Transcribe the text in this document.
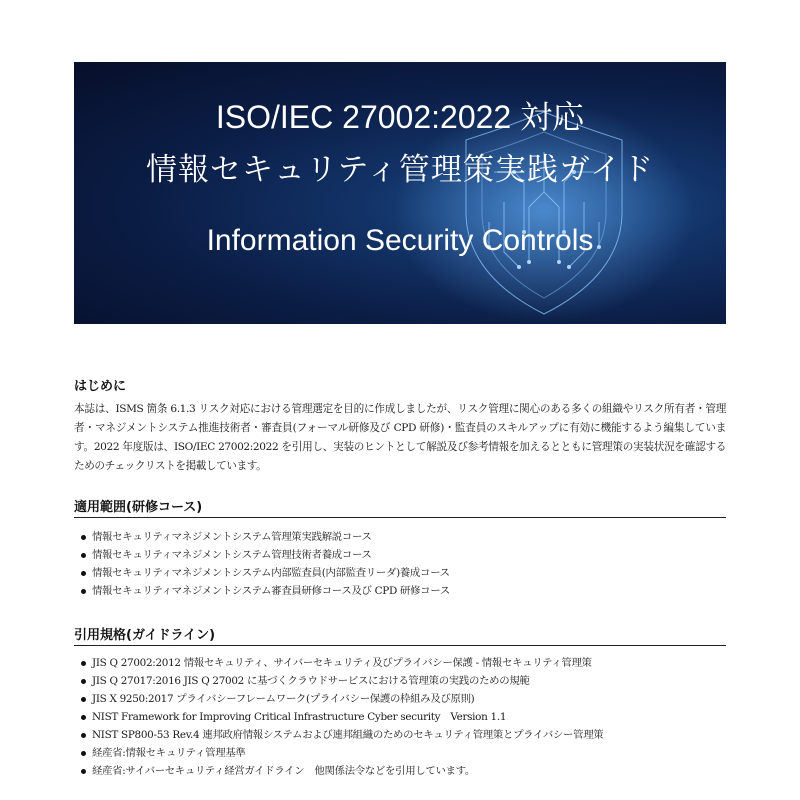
ISO/IEC 27002:2022 対応
情報セキュリティ管理策実践ガイド
Information Security Controls
はじめに
本誌は、ISMS 箇条 6.1.3 リスク対応における管理選定を目的に作成しましたが、リスク管理に関心のある多くの組織やリスク所有者・管理者・マネジメントシステム推進技術者・審査員(フォーマル研修及び CPD 研修)・監査員のスキルアップに有効に機能するよう編集しています。2022 年度版は、ISO/IEC 27002:2022 を引用し、実装のヒントとして解説及び参考情報を加えるとともに管理策の実装状況を確認するためのチェックリストを掲載しています。
適用範囲(研修コース)
情報セキュリティマネジメントシステム管理策実践解説コース
情報セキュリティマネジメントシステム管理技術者養成コース
情報セキュリティマネジメントシステム内部監査員(内部監査リーダ)養成コース
情報セキュリティマネジメントシステム審査員研修コース及び CPD 研修コース
引用規格(ガイドライン)
JIS Q 27002:2012 情報セキュリティ、サイバーセキュリティ及びプライバシー保護 - 情報セキュリティ管理策
JIS Q 27017:2016 JIS Q 27002 に基づくクラウドサービスにおける管理策の実践のための規範
JIS X 9250:2017 プライバシーフレームワーク(プライバシー保護の枠組み及び原則)
NIST Framework for Improving Critical Infrastructure Cyber security　Version 1.1
NIST SP800-53 Rev.4 連邦政府情報システムおよび連邦組織のためのセキュリティ管理策とプライバシー管理策
経産省:情報セキュリティ管理基準
経産省:サイバーセキュリティ経営ガイドライン　他関係法令などを引用しています。
